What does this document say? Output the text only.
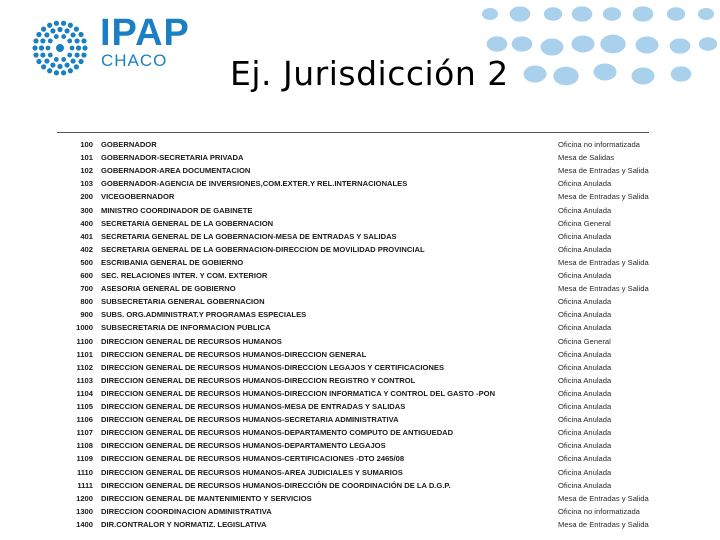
IPAP
CHACO	Ej. Jurisdicción 2
100 GOBERNADOR	Oficina no informatizada
101 GOBERNADOR-SECRETARIA PRIVADA	Mesa de Salidas
102 GOBERNADOR-AREA DOCUMENTACION	Mesa de Entradas y Salida
103 GOBERNADOR-AGENCIA DE INVERSIONES,COM.EXTER.Y REL.INTERNACIONALES	Oficina Anulada
200 VICEGOBERNADOR	Mesa de Entradas y Salida
300 MINISTRO COORDINADOR DE GABINETE	Oficina Anulada
400 SECRETARIA GENERAL DE LA GOBERNACION	Oficina General
401 SECRETARIA GENERAL DE LA GOBERNACION-MESA DE ENTRADAS Y SALIDAS	Oficina Anulada
402 SECRETARIA GENERAL DE LA GOBERNACION-DIRECCION DE MOVILIDAD PROVINCIAL	Oficina Anulada
500 ESCRIBANIA GENERAL DE GOBIERNO	Mesa de Entradas y Salida
600 SEC. RELACIONES INTER. Y COM. EXTERIOR	Oficina Anulada
700 ASESORIA GENERAL DE GOBIERNO	Mesa de Entradas y Salida
800 SUBSECRETARIA GENERAL GOBERNACION	Oficina Anulada
900 SUBS. ORG.ADMINISTRAT.Y PROGRAMAS ESPECIALES	Oficina Anulada
1000 SUBSECRETARIA DE INFORMACION PUBLICA	Oficina Anulada
1100 DIRECCION GENERAL DE RECURSOS HUMANOS	Oficina General
1101 DIRECCION GENERAL DE RECURSOS HUMANOS-DIRECCION GENERAL	Oficina Anulada
1102 DIRECCION GENERAL DE RECURSOS HUMANOS-DIRECCION LEGAJOS Y CERTIFICACIONES	Oficina Anulada
1103 DIRECCION GENERAL DE RECURSOS HUMANOS-DIRECCION REGISTRO Y CONTROL	Oficina Anulada
1104 DIRECCION GENERAL DE RECURSOS HUMANOS-DIRECCION INFORMATICA Y CONTROL DEL GASTO -PON	Oficina Anulada
1105 DIRECCION GENERAL DE RECURSOS HUMANOS-MESA DE ENTRADAS Y SALIDAS	Oficina Anulada
1106 DIRECCION GENERAL DE RECURSOS HUMANOS-SECRETARIA ADMINISTRATIVA	Oficina Anulada
1107 DIRECCION GENERAL DE RECURSOS HUMANOS-DEPARTAMENTO COMPUTO DE ANTIGUEDAD	Oficina Anulada
1108 DIRECCION GENERAL DE RECURSOS HUMANOS-DEPARTAMENTO LEGAJOS	Oficina Anulada
1109 DIRECCION GENERAL DE RECURSOS HUMANOS-CERTIFICACIONES -DTO 2465/08	Oficina Anulada
1110 DIRECCION GENERAL DE RECURSOS HUMANOS-AREA JUDICIALES Y SUMARIOS	Oficina Anulada
1111 DIRECCION GENERAL DE RECURSOS HUMANOS-DIRECCIÓN DE COORDINACIÓN DE LA D.G.P.	Oficina Anulada
1200 DIRECCION GENERAL DE MANTENIMIENTO Y SERVICIOS	Mesa de Entradas y Salida
1300 DIRECCION COORDINACION ADMINISTRATIVA	Oficina no informatizada
1400 DIR.CONTRALOR Y NORMATIZ. LEGISLATIVA	Mesa de Entradas y Salida
